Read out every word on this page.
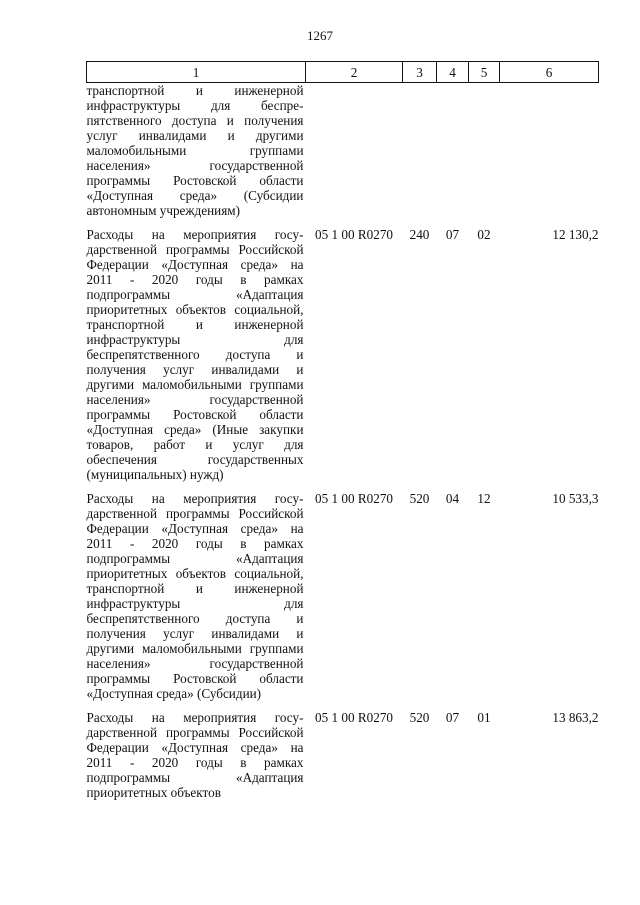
1267
1	2	3	4	5	6
транспортной и инженерной инфраструктуры для беспрепятственного доступа и получения услуг инвалидами и другими маломобильными группами населения» государственной программы Ростовской области «Доступная среда» (Субсидии автономным учреждениям)					
Расходы на мероприятия государственной программы Российской Федерации «Доступная среда» на 2011 - 2020 годы в рамках подпрограммы «Адаптация приоритетных объектов социальной, транспортной и инженерной инфраструктуры для беспрепятственного доступа и получения услуг инвалидами и другими маломобильными группами населения» государственной программы Ростовской области «Доступная среда» (Иные закупки товаров, работ и услуг для обеспечения государственных (муниципальных) нужд)	05 1 00 R0270	240	07	02	12 130,2
Расходы на мероприятия государственной программы Российской Федерации «Доступная среда» на 2011 - 2020 годы в рамках подпрограммы «Адаптация приоритетных объектов социальной, транспортной и инженерной инфраструктуры для беспрепятственного доступа и получения услуг инвалидами и другими маломобильными группами населения» государственной программы Ростовской области «Доступная среда» (Субсидии)	05 1 00 R0270	520	04	12	10 533,3
Расходы на мероприятия государственной программы Российской Федерации «Доступная среда» на 2011 - 2020 годы в рамках подпрограммы «Адаптация приоритетных объектов	05 1 00 R0270	520	07	01	13 863,2
